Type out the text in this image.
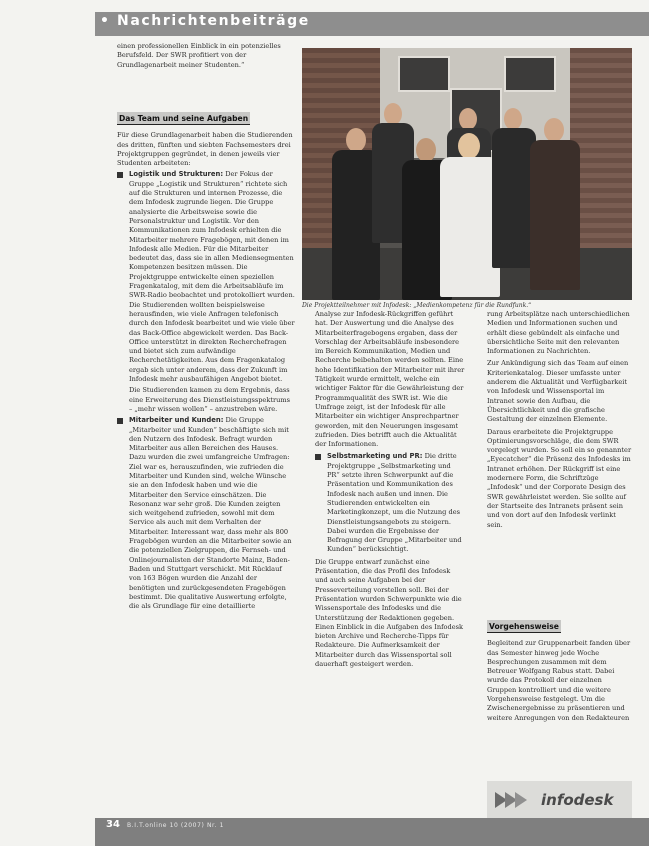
• Nachrichtenbeiträge

einen professionellen Einblick in ein potenzielles Berufsfeld. Der SWR profitiert von der Grundlagenarbeit meiner Studenten.“

Das Team und seine Aufgaben

Für diese Grundlagenarbeit haben die Studierenden des dritten, fünften und siebten Fachsemesters drei Projektgruppen gegründet, in denen jeweils vier Studenten arbeiteten:

Logistik und Strukturen: Der Fokus der Gruppe „Logistik und Strukturen“ richtete sich auf die Strukturen und internen Prozesse, die dem Infodesk zugrunde liegen. Die Gruppe analysierte die Arbeitsweise sowie die Personalstruktur und Logistik. Vor den Kommunikationen zum Infodesk erhielten die Mitarbeiter mehrere Fragebögen, mit denen im Infodesk alle Medien. Für die Mitarbeiter bedeutet das, dass sie in allen Mediensegmenten Kompetenzen besitzen müssen. Die Projektgruppe entwickelte einen speziellen Fragenkatalog, mit dem die Arbeitsabläufe im SWR-Radio beobachtet und protokolliert wurden. Die Studierenden wollten beispielsweise herausfinden, wie viele Anfragen telefonisch durch den Infodesk bearbeitet und wie viele über das Back-Office abgewickelt werden. Das Back-Office unterstützt in direkten Recherchefragen und bietet sich zum aufwändige Recherchetätigkeiten. Aus dem Fragenkatalog ergab sich unter anderem, dass der Zukunft im Infodesk mehr ausbaufähigen Angebot bietet.

Die Studierenden kamen zu dem Ergebnis, dass eine Erweiterung des Dienstleistungsspektrums – „mehr wissen wollen“ – anzustreben wäre.

Mitarbeiter und Kunden: Die Gruppe „Mitarbeiter und Kunden“ beschäftigte sich mit den Nutzern des Infodesk. Befragt wurden Mitarbeiter aus allen Bereichen des Hauses. Dazu wurden die zwei umfangreiche Umfragen: Ziel war es, herauszufinden, wie zufrieden die Mitarbeiter und Kunden sind, welche Wünsche sie an den Infodesk haben und wie die Mitarbeiter den Service einschätzen. Die Resonanz war sehr groß. Die Kunden zeigten sich weitgehend zufrieden, sowohl mit dem Service als auch mit dem Verhalten der Mitarbeiter. Interessant war, dass mehr als 800 Fragebögen wurden an die Mitarbeiter sowie an die potenziellen Zielgruppen, die Fernseh- und Onlinejournalisten der Standorte Mainz, Baden-Baden und Stuttgart verschickt. Mit Rücklauf von 163 Bögen wurden die Anzahl der benötigten und zurückgesendeten Fragebögen bestimmt. Die qualitative Auswertung erfolgte, die als Grundlage für eine detaillierte
Die Projektteilnehmer mit Infodesk: „Medienkompetenz für die Rundfunk.“

Analyse zur Infodesk-Rückgriffen geführt hat. Der Auswertung und die Analyse des Mitarbeiterfragebogens ergaben, dass der Vorschlag der Arbeitsabläufe insbesondere im Bereich Kommunikation, Medien und Recherche beibehalten werden sollten. Eine hohe Identifikation der Mitarbeiter mit ihrer Tätigkeit wurde ermittelt, welche ein wichtiger Faktor für die Gewährleistung der Programmqualität des SWR ist. Wie die Umfrage zeigt, ist der Infodesk für alle Mitarbeiter ein wichtiger Ansprechpartner geworden, mit den Neuerungen insgesamt zufrieden. Dies betrifft auch die Aktualität der Informationen.

Selbstmarketing und PR: Die dritte Projektgruppe „Selbstmarketing und PR“ setzte ihren Schwerpunkt auf die Präsentation und Kommunikation des Infodesk nach außen und innen. Die Studierenden entwickelten ein Marketingkonzept, um die Nutzung des Dienstleistungsangebots zu steigern. Dabei wurden die Ergebnisse der Befragung der Gruppe „Mitarbeiter und Kunden“ berücksichtigt.

Die Gruppe entwarf zunächst eine Präsentation, die das Profil des Infodesk und auch seine Aufgaben bei der Presseverteilung vorstellen soll. Bei der Präsentation wurden Schwerpunkte wie die Wissensportale des Infodesks und die Unterstützung der Redaktionen gegeben. Einen Einblick in die Aufgaben des Infodesk bieten Archive und Recherche-Tipps für Redakteure. Die Aufmerksamkeit der Mitarbeiter durch das Wissensportal soll dauerhaft gesteigert werden.

rung Arbeitsplätze nach unterschiedlichen Medien und Informationen suchen und erhält diese gebündelt als einfache und übersichtliche Seite mit den relevanten Informationen zu Nachrichten.

Zur Ankündigung sich das Team auf einen Kriterienkatalog. Dieser umfasste unter anderem die Aktualität und Verfügbarkeit von Infodesk und Wissensportal im Intranet sowie den Aufbau, die Übersichtlichkeit und die grafische Gestaltung der einzelnen Elemente.

Daraus erarbeitete die Projektgruppe Optimierungsvorschläge, die dem SWR vorgelegt wurden. So soll ein so genannter „Eyecatcher“ die Präsenz des Infodesks im Intranet erhöhen. Der Rückgriff ist eine modernere Form, die Schriftzüge „Infodesk“ und der Corporate Design des SWR gewährleistet werden. Sie sollte auf der Startseite des Intranets präsent sein und von dort auf den Infodesk verlinkt sein.

Vorgehensweise

Begleitend zur Gruppenarbeit fanden über das Semester hinweg jede Woche Besprechungen zusammen mit dem Betreuer Wolfgang Rabus statt. Dabei wurde das Protokoll der einzelnen Gruppen kontrolliert und die weitere Vorgehensweise festgelegt. Um die Zwischenergebnisse zu präsentieren und weitere Anregungen von den Redakteuren

infodesk
34 B.I.T.online 10 (2007) Nr. 1
